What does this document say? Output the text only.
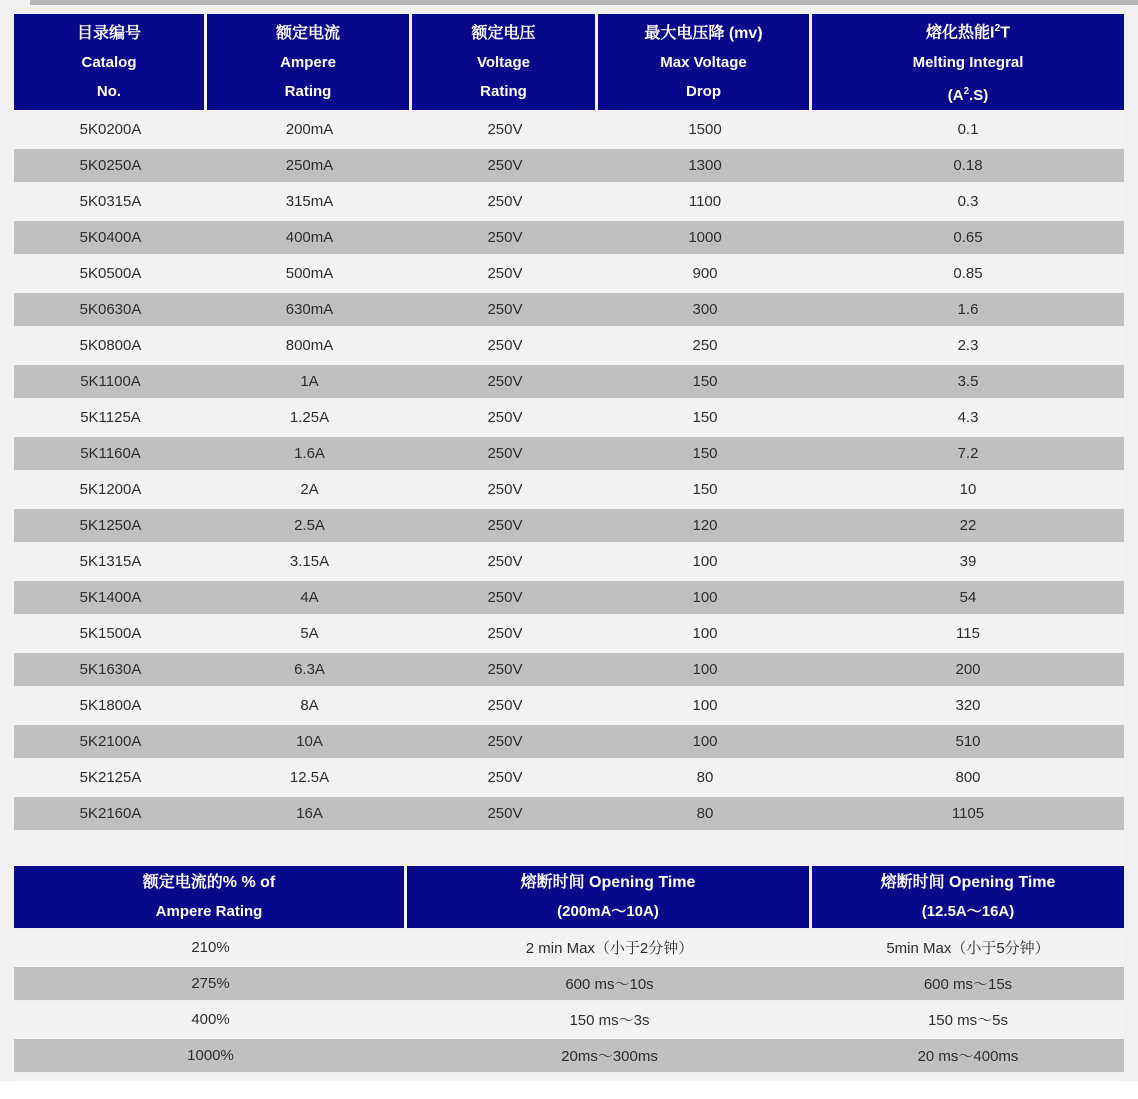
目录编号
Catalog
No.

额定电流
Ampere
Rating

额定电压
Voltage
Rating

最大电压降 (mv)
Max Voltage
Drop

熔化热能$I^2T$
Melting Integral
$(A^2.S)$

5K0200A	200mA	250V	1500	0.1
5K0250A	250mA	250V	1300	0.18
5K0315A	315mA	250V	1100	0.3
5K0400A	400mA	250V	1000	0.65
5K0500A	500mA	250V	900	0.85
5K0630A	630mA	250V	300	1.6
5K0800A	800mA	250V	250	2.3
5K1100A	1A	250V	150	3.5
5K1125A	1.25A	250V	150	4.3
5K1160A	1.6A	250V	150	7.2
5K1200A	2A	250V	150	10
5K1250A	2.5A	250V	120	22
5K1315A	3.15A	250V	100	39
5K1400A	4A	250V	100	54
5K1500A	5A	250V	100	115
5K1630A	6.3A	250V	100	200
5K1800A	8A	250V	100	320
5K2100A	10A	250V	100	510
5K2125A	12.5A	250V	80	800
5K2160A	16A	250V	80	1105
额定电流的% % of
Ampere Rating

熔断时间 Opening Time
(200mA～10A)

熔断时间 Opening Time
(12.5A～16A)

210%	2 min Max（小于2分钟）	5min Max（小于5分钟）
275%	600 ms～10s	600 ms～15s
400%	150 ms～3s	150 ms～5s
1000%	20ms～300ms	20 ms～400ms
